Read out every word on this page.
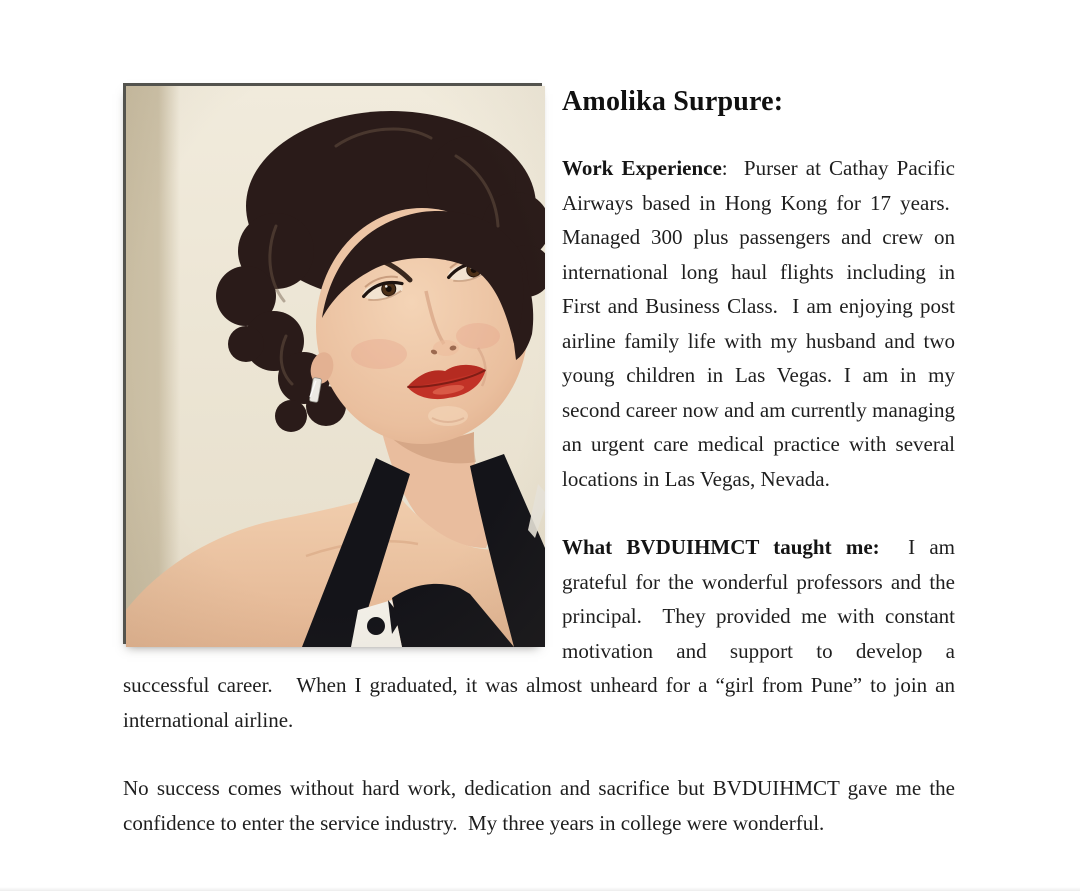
Amolika Surpure:

Work Experience:  Purser at Cathay Pacific Airways based in Hong Kong for 17 years.  Managed 300 plus passengers and crew on international long haul flights including in First and Business Class.  I am enjoying post airline family life with my husband and two young children in Las Vegas. I am in my second career now and am currently managing an urgent care medical practice with several locations in Las Vegas, Nevada.

What BVDUIHMCT taught me:  I am grateful for the wonderful professors and the principal.  They provided me with constant motivation and support to develop a successful career.   When I graduated, it was almost unheard for a “girl from Pune” to join an international airline.

No success comes without hard work, dedication and sacrifice but BVDUIHMCT gave me the confidence to enter the service industry.  My three years in college were wonderful.
